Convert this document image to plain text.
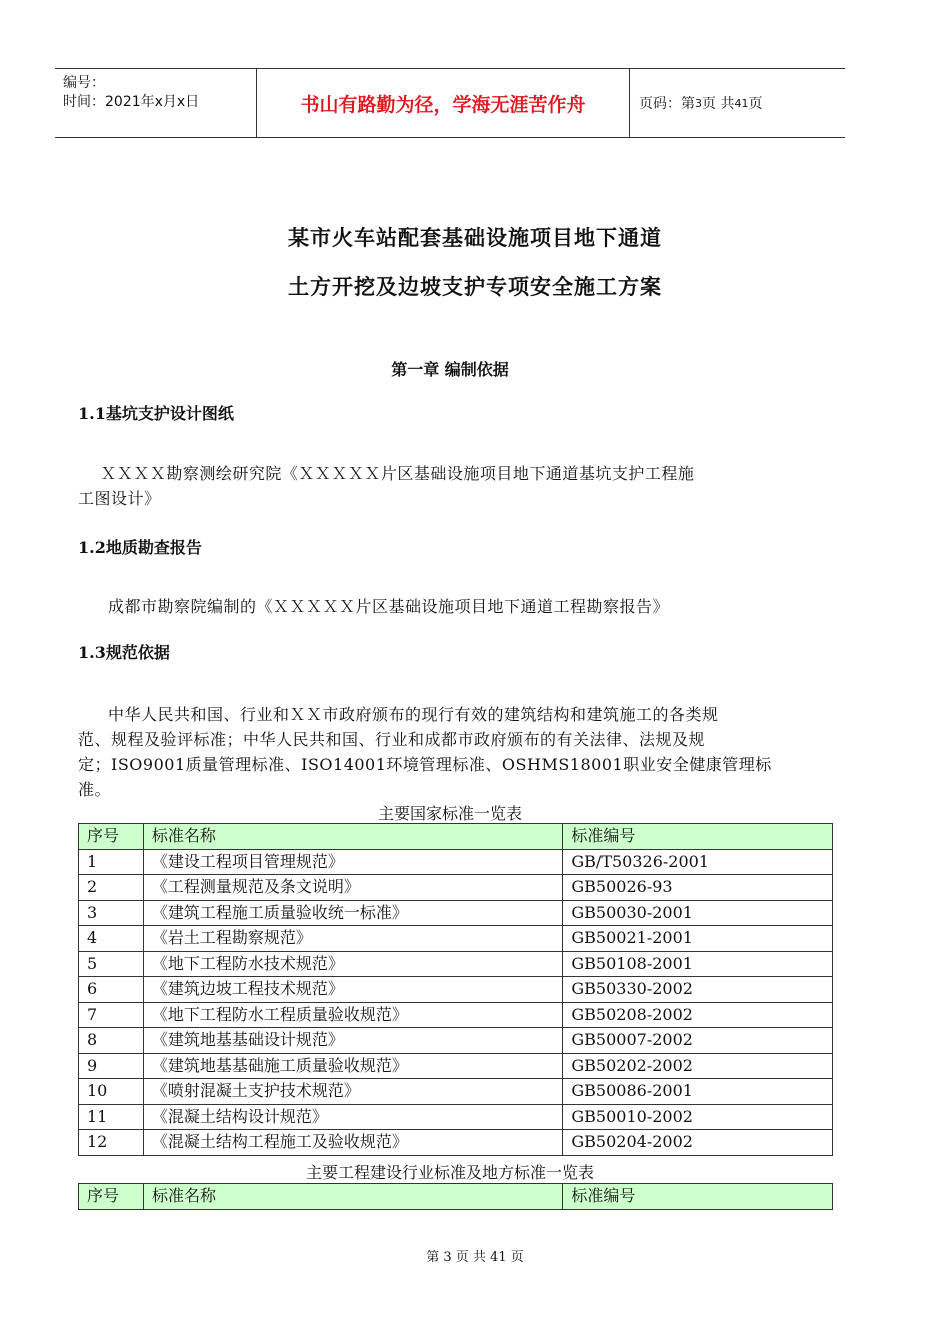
编号：
时间：2021年x月x日	书山有路勤为径，学海无涯苦作舟	页码：第 3 页 共 41 页
某市火车站配套基础设施项目地下通道
土方开挖及边坡支护专项安全施工方案
第一章 编制依据
1.1基坑支护设计图纸
ＸＸＸＸ勘察测绘研究院《ＸＸＸＸＸ片区基础设施项目地下通道基坑支护工程施
工图设计》
1.2地质勘查报告
成都市勘察院编制的《ＸＸＸＸＸ片区基础设施项目地下通道工程勘察报告》
1.3规范依据
中华人民共和国、行业和ＸＸ市政府颁布的现行有效的建筑结构和建筑施工的各类规
范、规程及验评标准；中华人民共和国、行业和成都市政府颁布的有关法律、法规及规
定；ISO9001质量管理标准、ISO14001环境管理标准、OSHMS18001职业安全健康管理标
准。
主要国家标准一览表
序号	标准名称	标准编号
1	《建设工程项目管理规范》	GB/T50326-2001
2	《工程测量规范及条文说明》	GB50026-93
3	《建筑工程施工质量验收统一标准》	GB50030-2001
4	《岩土工程勘察规范》	GB50021-2001
5	《地下工程防水技术规范》	GB50108-2001
6	《建筑边坡工程技术规范》	GB50330-2002
7	《地下工程防水工程质量验收规范》	GB50208-2002
8	《建筑地基基础设计规范》	GB50007-2002
9	《建筑地基基础施工质量验收规范》	GB50202-2002
10	《喷射混凝土支护技术规范》	GB50086-2001
11	《混凝土结构设计规范》	GB50010-2002
12	《混凝土结构工程施工及验收规范》	GB50204-2002
主要工程建设行业标准及地方标准一览表
序号	标准名称	标准编号
第 3 页 共 41 页
